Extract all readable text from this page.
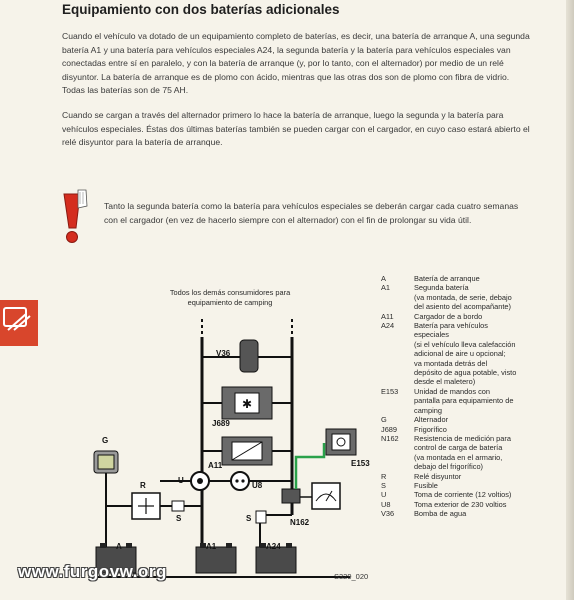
Equipamiento con dos baterías adicionales
Cuando el vehículo va dotado de un equipamiento completo de baterías, es decir, una batería de arranque A, una segunda batería A1 y una batería para vehículos especiales A24, la segunda batería y la batería para vehículos especiales van conectadas entre sí en paralelo, y con la batería de arranque (y, por lo tanto, con el alternador) por medio de un relé disyuntor. La batería de arranque es de plomo con ácido, mientras que las otras dos son de plomo con fibra de vidrio. Todas las baterías son de 75 AH.
Cuando se cargan a través del alternador primero lo hace la batería de arranque, luego la segunda y la batería para vehículos especiales. Éstas dos últimas baterías también se pueden cargar con el cargador, en cuyo caso estará abierto el relé disyuntor para la batería de arranque.
Tanto la segunda batería como la batería para vehículos especiales se deberán cargar cada cuatro semanas con el cargador (en vez de hacerlo siempre con el alternador) con el fin de prolongar su vida útil.
Todos los demás consumidores para equipamiento de camping
✱
V36
J689
A11
U
U8
G
R
S	S
A	A1	A24
E153
N162
S329_020
A	Batería de arranque
A1	Segunda batería
(va montada, de serie, debajo
del asiento del acompañante)
A11	Cargador de a bordo
A24	Batería para vehículos
especiales
(si el vehículo lleva calefacción
adicional de aire u opcional;
va montada detrás del
depósito de agua potable, visto
desde el maletero)
E153	Unidad de mandos con
pantalla para equipamiento de
camping
G	Alternador
J689	Frigorífico
N162	Resistencia de medición para
control de carga de batería
(va montada en el armario,
debajo del frigorífico)
R	Relé disyuntor
S	Fusible
U	Toma de corriente (12 voltios)
U8	Toma exterior de 230 voltios
V36	Bomba de agua
www.furgovw.org
